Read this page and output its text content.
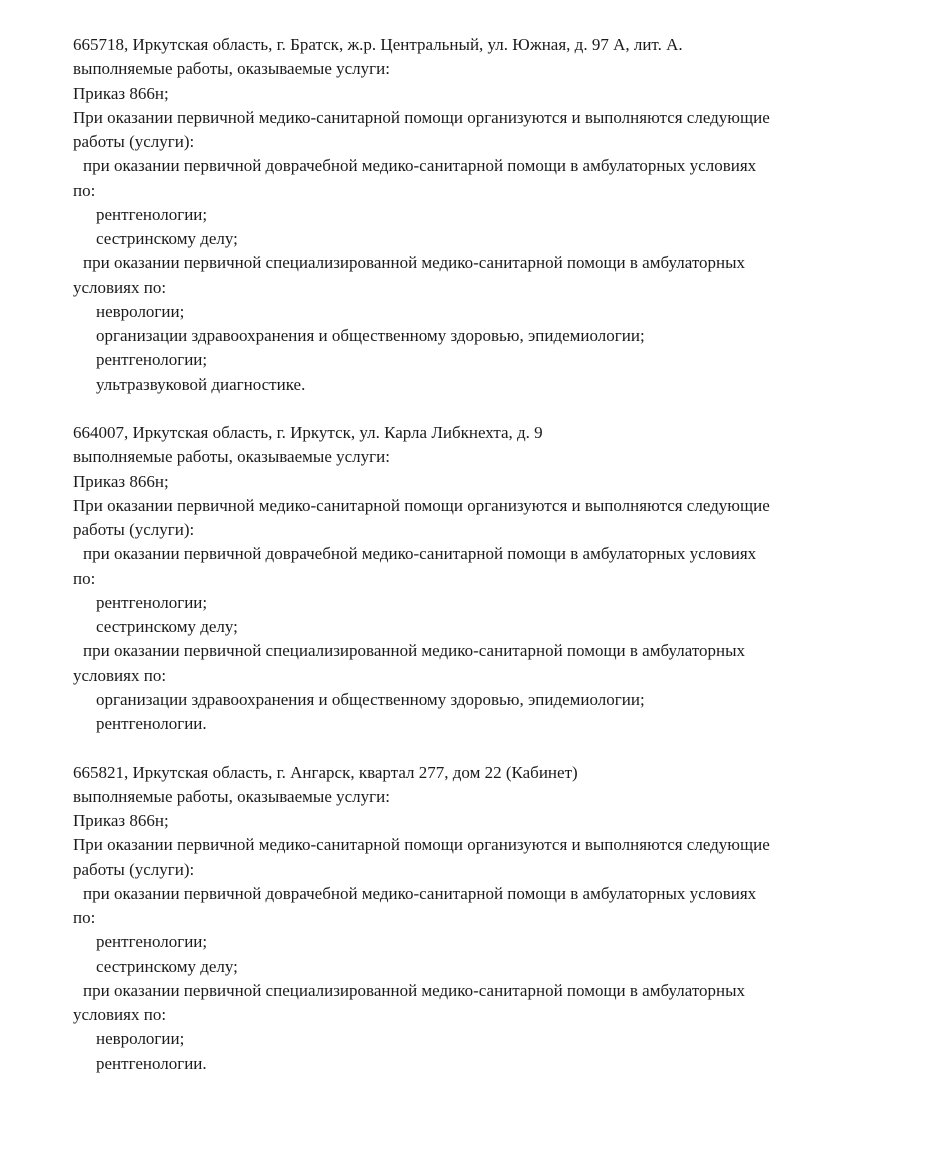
665718, Иркутская область, г. Братск, ж.р. Центральный, ул. Южная, д. 97 А, лит. А.
выполняемые работы, оказываемые услуги:
Приказ 866н;
При оказании первичной медико-санитарной помощи организуются и выполняются следующие
работы (услуги):
при оказании первичной доврачебной медико-санитарной помощи в амбулаторных условиях
по:
рентгенологии;
сестринскому делу;
при оказании первичной специализированной медико-санитарной помощи в амбулаторных
условиях по:
неврологии;
организации здравоохранения и общественному здоровью, эпидемиологии;
рентгенологии;
ультразвуковой диагностике.
664007, Иркутская область, г. Иркутск, ул. Карла Либкнехта, д. 9
выполняемые работы, оказываемые услуги:
Приказ 866н;
При оказании первичной медико-санитарной помощи организуются и выполняются следующие
работы (услуги):
при оказании первичной доврачебной медико-санитарной помощи в амбулаторных условиях
по:
рентгенологии;
сестринскому делу;
при оказании первичной специализированной медико-санитарной помощи в амбулаторных
условиях по:
организации здравоохранения и общественному здоровью, эпидемиологии;
рентгенологии.
665821, Иркутская область, г. Ангарск, квартал 277, дом 22 (Кабинет)
выполняемые работы, оказываемые услуги:
Приказ 866н;
При оказании первичной медико-санитарной помощи организуются и выполняются следующие
работы (услуги):
при оказании первичной доврачебной медико-санитарной помощи в амбулаторных условиях
по:
рентгенологии;
сестринскому делу;
при оказании первичной специализированной медико-санитарной помощи в амбулаторных
условиях по:
неврологии;
рентгенологии.
